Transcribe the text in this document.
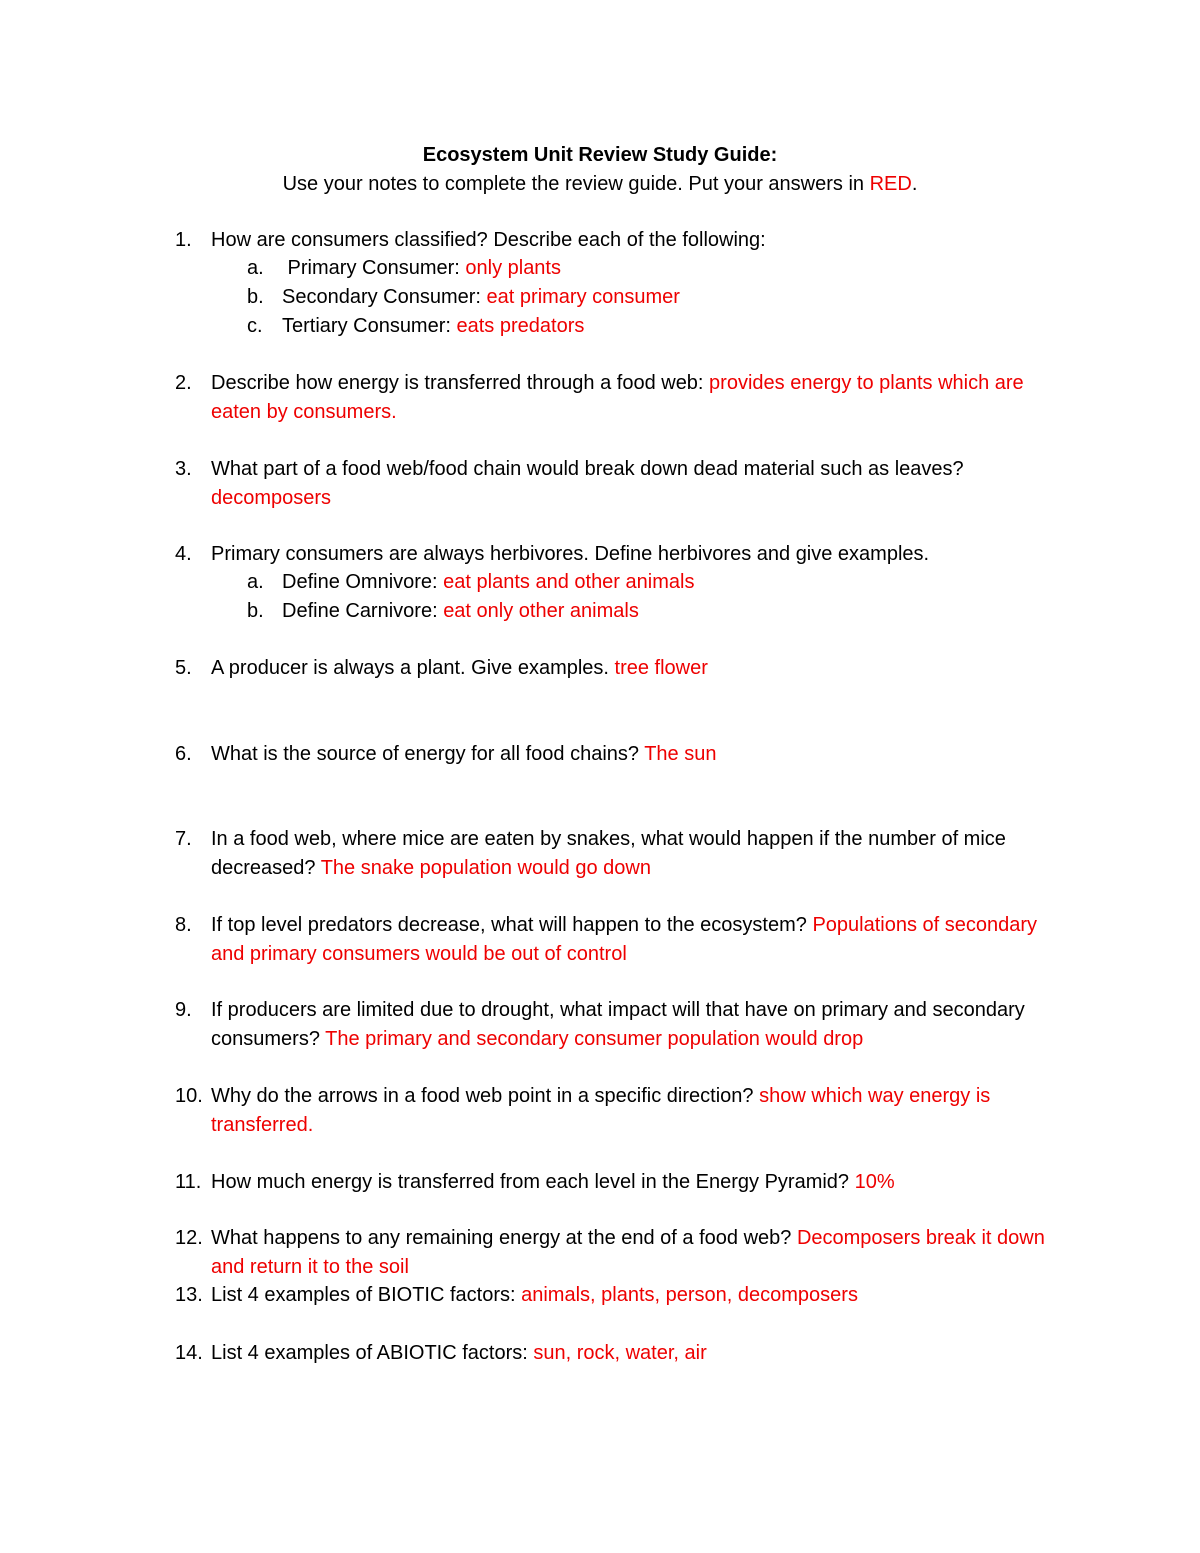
Ecosystem Unit Review Study Guide:
Use your notes to complete the review guide. Put your answers in RED.
1. How are consumers classified? Describe each of the following:
a. Primary Consumer: only plants
b. Secondary Consumer: eat primary consumer
c. Tertiary Consumer: eats predators
2. Describe how energy is transferred through a food web: provides energy to plants which are eaten by consumers.
3. What part of a food web/food chain would break down dead material such as leaves? decomposers
4. Primary consumers are always herbivores. Define herbivores and give examples.
a. Define Omnivore: eat plants and other animals
b. Define Carnivore: eat only other animals
5. A producer is always a plant. Give examples. tree flower
6. What is the source of energy for all food chains? The sun
7. In a food web, where mice are eaten by snakes, what would happen if the number of mice decreased? The snake population would go down
8. If top level predators decrease, what will happen to the ecosystem? Populations of secondary and primary consumers would be out of control
9. If producers are limited due to drought, what impact will that have on primary and secondary consumers? The primary and secondary consumer population would drop
10. Why do the arrows in a food web point in a specific direction? show which way energy is transferred.
11. How much energy is transferred from each level in the Energy Pyramid? 10%
12. What happens to any remaining energy at the end of a food web? Decomposers break it down and return it to the soil
13. List 4 examples of BIOTIC factors: animals, plants, person, decomposers
14. List 4 examples of ABIOTIC factors: sun, rock, water, air
